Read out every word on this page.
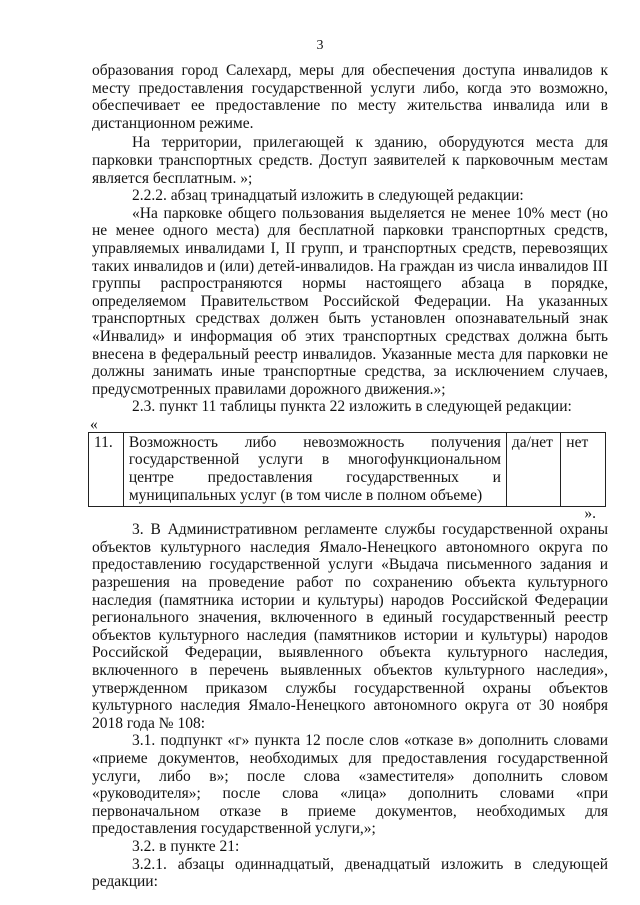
3

образования город Салехард, меры для обеспечения доступа инвалидов к месту предоставления государственной услуги либо, когда это возможно, обеспечивает ее предоставление по месту жительства инвалида или в дистанционном режиме.

На территории, прилегающей к зданию, оборудуются места для парковки транспортных средств. Доступ заявителей к парковочным местам является бесплатным. »;

2.2.2. абзац тринадцатый изложить в следующей редакции:

«На парковке общего пользования выделяется не менее 10% мест (но не менее одного места) для бесплатной парковки транспортных средств, управляемых инвалидами I, II групп, и транспортных средств, перевозящих таких инвалидов и (или) детей-инвалидов. На граждан из числа инвалидов III группы распространяются нормы настоящего абзаца в порядке, определяемом Правительством Российской Федерации. На указанных транспортных средствах должен быть установлен опознавательный знак «Инвалид» и информация об этих транспортных средствах должна быть внесена в федеральный реестр инвалидов. Указанные места для парковки не должны занимать иные транспортные средства, за исключением случаев, предусмотренных правилами дорожного движения.»;

2.3. пункт 11 таблицы пункта 22 изложить в следующей редакции:

«
11.	Возможность либо невозможность получения государственной услуги в многофункциональном центре предоставления государственных и муниципальных услуг (в том числе в полном объеме)	да/нет	нет
».

3. В Административном регламенте службы государственной охраны объектов культурного наследия Ямало-Ненецкого автономного округа по предоставлению государственной услуги «Выдача письменного задания и разрешения на проведение работ по сохранению объекта культурного наследия (памятника истории и культуры) народов Российской Федерации регионального значения, включенного в единый государственный реестр объектов культурного наследия (памятников истории и культуры) народов Российской Федерации, выявленного объекта культурного наследия, включенного в перечень выявленных объектов культурного наследия», утвержденном приказом службы государственной охраны объектов культурного наследия Ямало-Ненецкого автономного округа от 30 ноября 2018 года № 108:

3.1. подпункт «г» пункта 12 после слов «отказе в» дополнить словами «приеме документов, необходимых для предоставления государственной услуги, либо в»; после слова «заместителя» дополнить словом «руководителя»; после слова «лица» дополнить словами «при первоначальном отказе в приеме документов, необходимых для предоставления государственной услуги,»;

3.2. в пункте 21:

3.2.1. абзацы одиннадцатый, двенадцатый изложить в следующей редакции:
